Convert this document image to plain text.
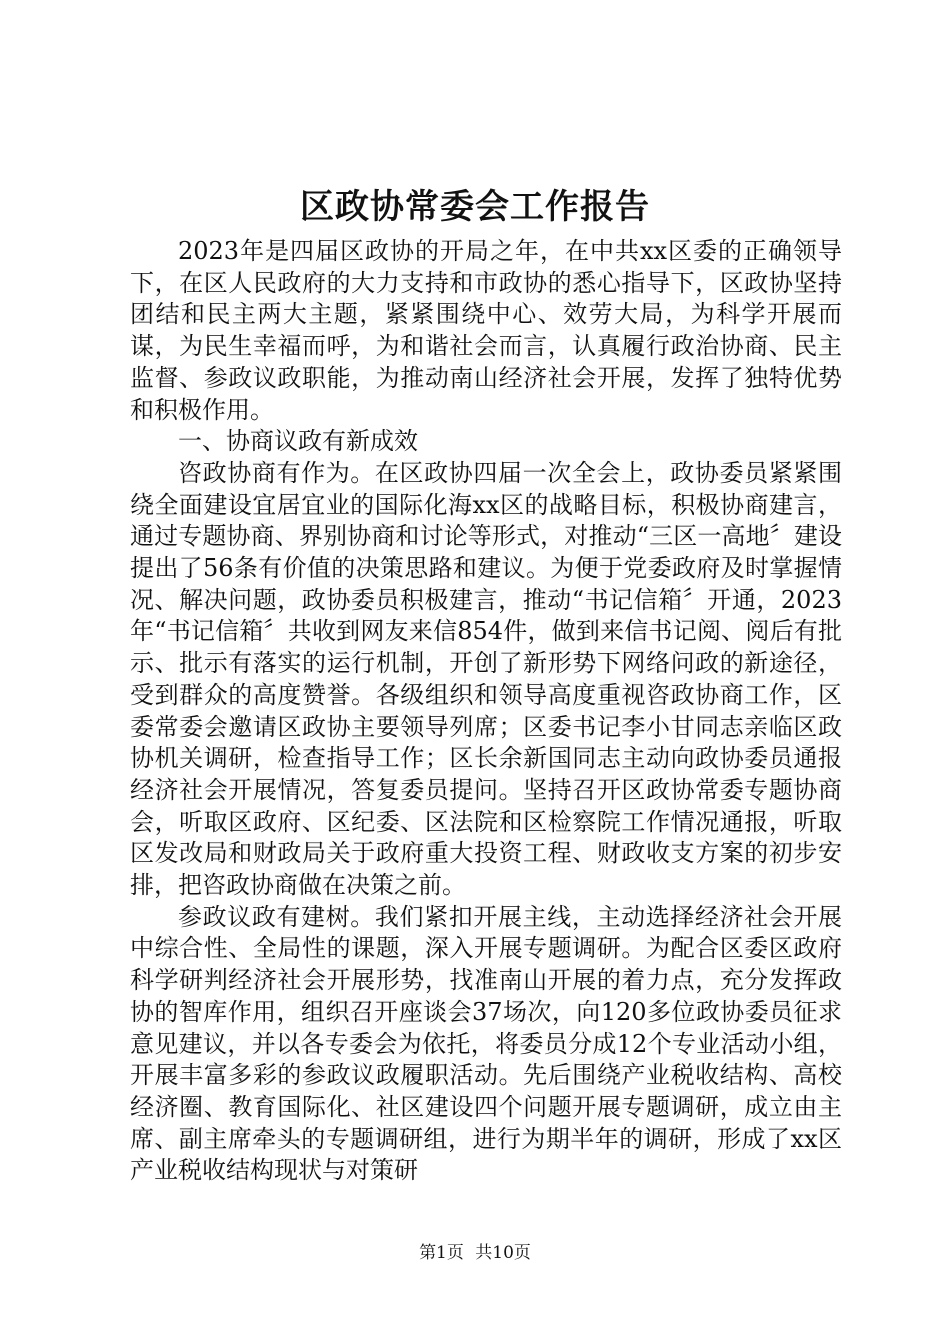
区政协常委会工作报告

2023年是四届区政协的开局之年，在中共xx区委的正确领导下，在区人民政府的大力支持和市政协的悉心指导下，区政协坚持团结和民主两大主题，紧紧围绕中心、效劳大局，为科学开展而谋，为民生幸福而呼，为和谐社会而言，认真履行政治协商、民主监督、参政议政职能，为推动南山经济社会开展，发挥了独特优势和积极作用。

一、协商议政有新成效

咨政协商有作为。在区政协四届一次全会上，政协委员紧紧围绕全面建设宜居宜业的国际化海xx区的战略目标，积极协商建言，通过专题协商、界别协商和讨论等形式，对推动“三区一高地〞建设提出了56条有价值的决策思路和建议。为便于党委政府及时掌握情况、解决问题，政协委员积极建言，推动“书记信箱〞开通，2023年“书记信箱〞共收到网友来信854件，做到来信书记阅、阅后有批示、批示有落实的运行机制，开创了新形势下网络问政的新途径，受到群众的高度赞誉。各级组织和领导高度重视咨政协商工作，区委常委会邀请区政协主要领导列席；区委书记李小甘同志亲临区政协机关调研，检查指导工作；区长余新国同志主动向政协委员通报经济社会开展情况，答复委员提问。坚持召开区政协常委专题协商会，听取区政府、区纪委、区法院和区检察院工作情况通报，听取区发改局和财政局关于政府重大投资工程、财政收支方案的初步安排，把咨政协商做在决策之前。

参政议政有建树。我们紧扣开展主线，主动选择经济社会开展中综合性、全局性的课题，深入开展专题调研。为配合区委区政府科学研判经济社会开展形势，找准南山开展的着力点，充分发挥政协的智库作用，组织召开座谈会37场次，向120多位政协委员征求意见建议，并以各专委会为依托，将委员分成12个专业活动小组，开展丰富多彩的参政议政履职活动。先后围绕产业税收结构、高校经济圈、教育国际化、社区建设四个问题开展专题调研，成立由主席、副主席牵头的专题调研组，进行为期半年的调研，形成了xx区产业税收结构现状与对策研

第1页 共10页
